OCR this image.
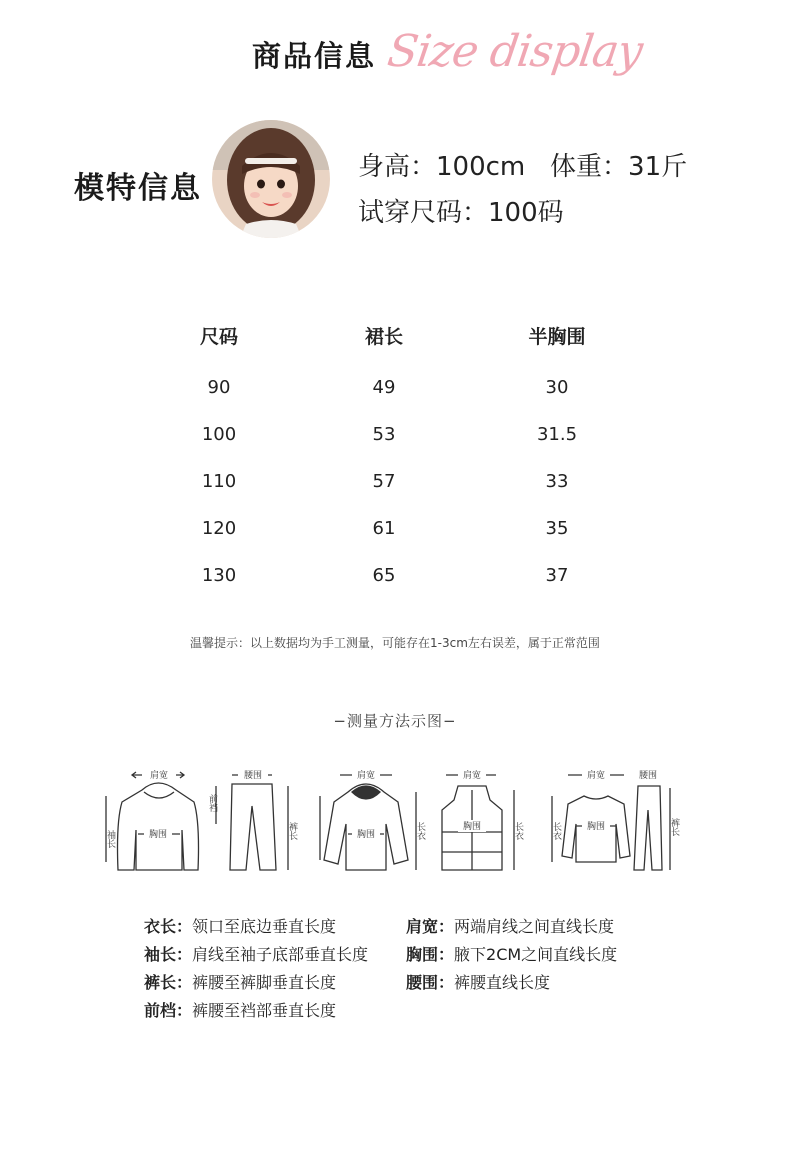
商品信息 Size display
模特信息
身高：100cm 体重：31斤
试穿尺码：100码
尺码	裙长	半胸围
90	49	30
100	53	31.5
110	57	33
120	61	35
130	65	37
温馨提示：以上数据均为手工测量，可能存在1-3cm左右误差，属于正常范围
−测量方法示图−
肩宽
袖长	胸围
腰围
前裆
裤长
肩宽
胸围	长衣
肩宽
胸围	长衣
肩宽
长衣	胸围
腰围
裤长
衣长：领口至底边垂直长度	肩宽：两端肩线之间直线长度
袖长：肩线至袖子底部垂直长度 胸围：腋下2CM之间直线长度
裤长：裤腰至裤脚垂直长度	腰围：裤腰直线长度
前档：裤腰至裆部垂直长度
